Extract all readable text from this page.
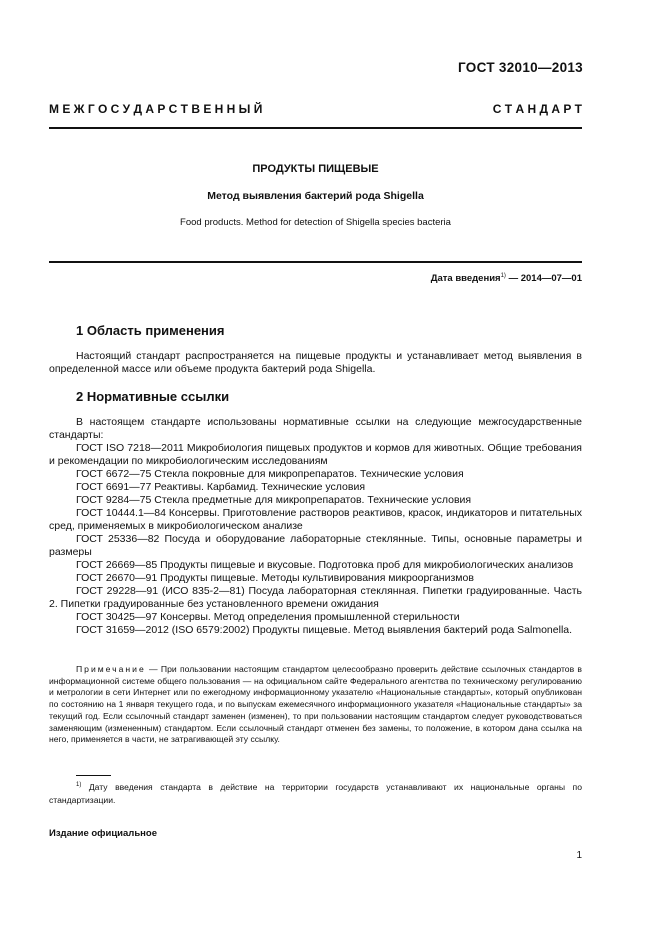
ГОСТ 32010—2013
М Е Ж Г О С У Д А Р С Т В Е Н Н Ы Й	С Т А Н Д А Р Т
ПРОДУКТЫ ПИЩЕВЫЕ
Метод выявления бактерий рода Shigella
Food products. Method for detection of Shigella species bacteria
Дата введения$^{1)}$ — 2014—07—01
1 Область применения

Настоящий стандарт распространяется на пищевые продукты и устанавливает метод выявления в определенной массе или объеме продукта бактерий рода Shigella.

2 Нормативные ссылки

В настоящем стандарте использованы нормативные ссылки на следующие межгосударственные стандарты:

ГОСТ ISO 7218—2011 Микробиология пищевых продуктов и кормов для животных. Общие требования и рекомендации по микробиологическим исследованиям

ГОСТ 6672—75 Стекла покровные для микропрепаратов. Технические условия

ГОСТ 6691—77 Реактивы. Карбамид. Технические условия

ГОСТ 9284—75 Стекла предметные для микропрепаратов. Технические условия

ГОСТ 10444.1—84 Консервы. Приготовление растворов реактивов, красок, индикаторов и питательных сред, применяемых в микробиологическом анализе

ГОСТ 25336—82 Посуда и оборудование лабораторные стеклянные. Типы, основные параметры и размеры

ГОСТ 26669—85 Продукты пищевые и вкусовые. Подготовка проб для микробиологических анализов

ГОСТ 26670—91 Продукты пищевые. Методы культивирования микроорганизмов

ГОСТ 29228—91 (ИСО 835-2—81) Посуда лабораторная стеклянная. Пипетки градуированные. Часть 2. Пипетки градуированные без установленного времени ожидания

ГОСТ 30425—97 Консервы. Метод определения промышленной стерильности

ГОСТ 31659—2012 (ISO 6579:2002) Продукты пищевые. Метод выявления бактерий рода Salmonella.

Примечание — При пользовании настоящим стандартом целесообразно проверить действие ссылочных стандартов в информационной системе общего пользования — на официальном сайте Федерального агентства по техническому регулированию и метрологии в сети Интернет или по ежегодному информационному указателю «Национальные стандарты», который опубликован по состоянию на 1 января текущего года, и по выпускам ежемесячного информационного указателя «Национальные стандарты» за текущий год. Если ссылочный стандарт заменен (изменен), то при пользовании настоящим стандартом следует руководствоваться заменяющим (измененным) стандартом. Если ссылочный стандарт отменен без замены, то положение, в котором дана ссылка на него, применяется в части, не затрагивающей эту ссылку.

$^{1)}$ Дату введения стандарта в действие на территории государств устанавливают их национальные органы по стандартизации.

Издание официальное
1
